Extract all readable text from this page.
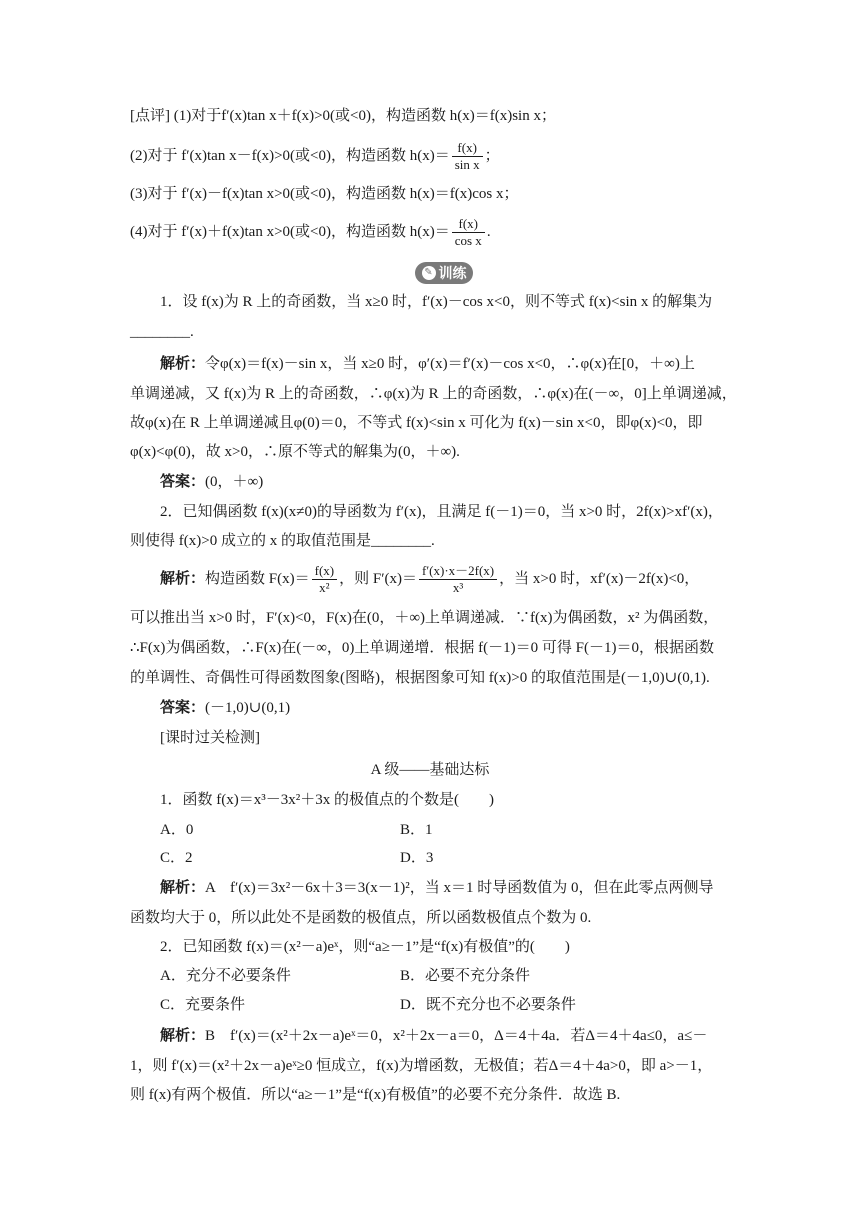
[点评] (1)对于f′(x)tan x＋f(x)>0(或<0)，构造函数 h(x)＝f(x)sin x；
(2)对于 f′(x)tan x－f(x)>0(或<0)，构造函数 $h(x)= \frac{f(x)}{\text{sin x}}$ ；
(3)对于 f′(x)－f(x)tan x>0(或<0)，构造函数 h(x)＝f(x)cos x；
(4)对于 f′(x)＋f(x)tan x>0(或<0)，构造函数 $h(x)= \frac{f(x)}{\text{cos x}}$ .
✎ 训练
1．设 f(x)为 R 上的奇函数，当 x≥0 时，f′(x)－cos x<0，则不等式 f(x)<sin x 的解集为
________.
解析：令φ(x)＝f(x)－sin x，当 x≥0 时，φ′(x)＝f′(x)－cos x<0，∴φ(x)在[0，＋∞)上
单调递减，又 f(x)为 R 上的奇函数，∴φ(x)为 R 上的奇函数，∴φ(x)在(－∞，0]上单调递减，
故φ(x)在 R 上单调递减且φ(0)＝0，不等式 f(x)<sin x 可化为 f(x)－sin x<0，即φ(x)<0，即
φ(x)<φ(0)，故 x>0，∴原不等式的解集为(0，＋∞).
答案：(0，＋∞)
2．已知偶函数 f(x)(x≠0)的导函数为 f′(x)，且满足 f(－1)＝0，当 x>0 时，2f(x)>xf′(x)，
则使得 f(x)>0 成立的 x 的取值范围是________.
解析：构造函数 $F(x)= \frac{f(x)}{\text{x²}}$ ，则 $F'(x)= \frac{f'(x)\cdot x-2f(x)}{\text{x³}}$ ，当 x>0 时，xf′(x)－2f(x)<0，
可以推出当 x>0 时，F′(x)<0，F(x)在(0，＋∞)上单调递减．∵f(x)为偶函数，x² 为偶函数，
∴F(x)为偶函数，∴F(x)在(－∞，0)上单调递增．根据 f(－1)＝0 可得 F(－1)＝0，根据函数
的单调性、奇偶性可得函数图象(图略)，根据图象可知 f(x)>0 的取值范围是(－1,0)∪(0,1).
答案：(－1,0)∪(0,1)
[课时过关检测]
A 级——基础达标
1．函数 f(x)＝x³－3x²＋3x 的极值点的个数是(　　)
A．0	B．1
C．2	D．3
解析：A　f′(x)＝3x²－6x＋3＝3(x－1)²，当 x＝1 时导函数值为 0，但在此零点两侧导
函数均大于 0，所以此处不是函数的极值点，所以函数极值点个数为 0.
2．已知函数 f(x)＝(x²－a)eˣ，则“a≥－1”是“f(x)有极值”的(　　)
A．充分不必要条件	B．必要不充分条件
C．充要条件	D．既不充分也不必要条件
解析：B　f′(x)＝(x²＋2x－a)eˣ＝0，x²＋2x－a＝0，Δ＝4＋4a．若Δ＝4＋4a≤0，a≤－
1，则 f′(x)＝(x²＋2x－a)eˣ≥0 恒成立，f(x)为增函数，无极值；若Δ＝4＋4a>0，即 a>－1，
则 f(x)有两个极值．所以“a≥－1”是“f(x)有极值”的必要不充分条件．故选 B.
